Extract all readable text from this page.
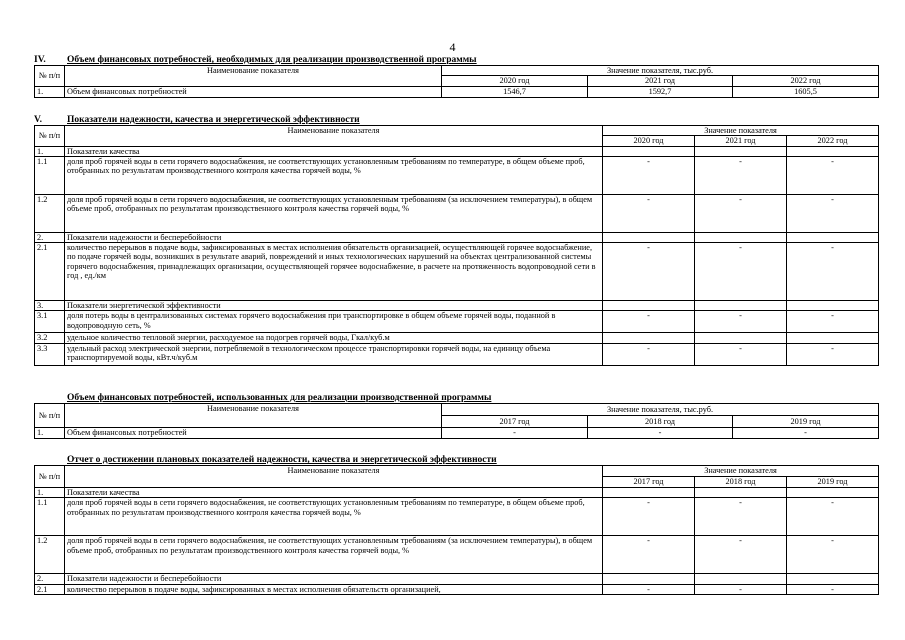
4
IV. Объем финансовых потребностей, необходимых для реализации производственной программы
№ п/п	Наименование показателя	Значение показателя, тыс.руб.		
		2020 год	2021 год	2022 год
1.	Объем финансовых потребностей	1546,7	1592,7	1605,5
V.	Показатели надежности, качества и энергетической эффективности
№ п/п	Наименование показателя	Значение показателя		
		2020 год	2021 год	2022 год
1.	Показатели качества			
1.1	доля проб горячей воды в сети горячего водоснабжения, не соответствующих установленным требованиям по температуре, в общем объеме проб, отобранных по результатам производственного контроля качества горячей воды, %	-	-	-
1.2	доля проб горячей воды в сети горячего водоснабжения, не соответствующих установленным требованиям (за исключением температуры), в общем объеме проб, отобранных по результатам производственного контроля качества горячей воды, %	-	-	-
2.	Показатели надежности и бесперебойности			
2.1	количество перерывов в подаче воды, зафиксированных в местах исполнения обязательств организацией, осуществляющей горячее водоснабжение, по подаче горячей воды, возникших в результате аварий, повреждений и иных технологических нарушений на объектах централизованной системы горячего водоснабжения, принадлежащих организации, осуществляющей горячее водоснабжение, в расчете на протяженность водопроводной сети в год , ед./км	-	-	-
3.	Показатели энергетической эффективности			
3.1	доля потерь воды в централизованных системах горячего водоснабжения при транспортировке в общем объеме горячей воды, поданной в водопроводную сеть, %	-	-	-
3.2	удельное количество тепловой энергии, расходуемое на подогрев горячей воды, Гкал/куб.м			
3.3	удельный расход электрической энергии, потребляемой в технологическом процессе транспортировки горячей воды, на единицу объема транспортируемой воды, кВт.ч/куб.м	-	-	-
Объем финансовых потребностей, использованных для реализации производственной программы
№ п/п	Наименование показателя	Значение показателя, тыс.руб.		
		2017 год	2018 год	2019 год
1.	Объем финансовых потребностей	-	-	-
Отчет о достижении плановых показателей надежности, качества и энергетической эффективности
№ п/п	Наименование показателя	Значение показателя		
		2017 год	2018 год	2019 год
1.	Показатели качества			
1.1	доля проб горячей воды в сети горячего водоснабжения, не соответствующих установленным требованиям по температуре, в общем объеме проб, отобранных по результатам производственного контроля качества горячей воды, %	-	-	-
1.2	доля проб горячей воды в сети горячего водоснабжения, не соответствующих установленным требованиям (за исключением температуры), в общем объеме проб, отобранных по результатам производственного контроля качества горячей воды, %	-	-	-
2.	Показатели надежности и бесперебойности			
2.1	количество перерывов в подаче воды, зафиксированных в местах исполнения обязательств организацией,	-	-	-
